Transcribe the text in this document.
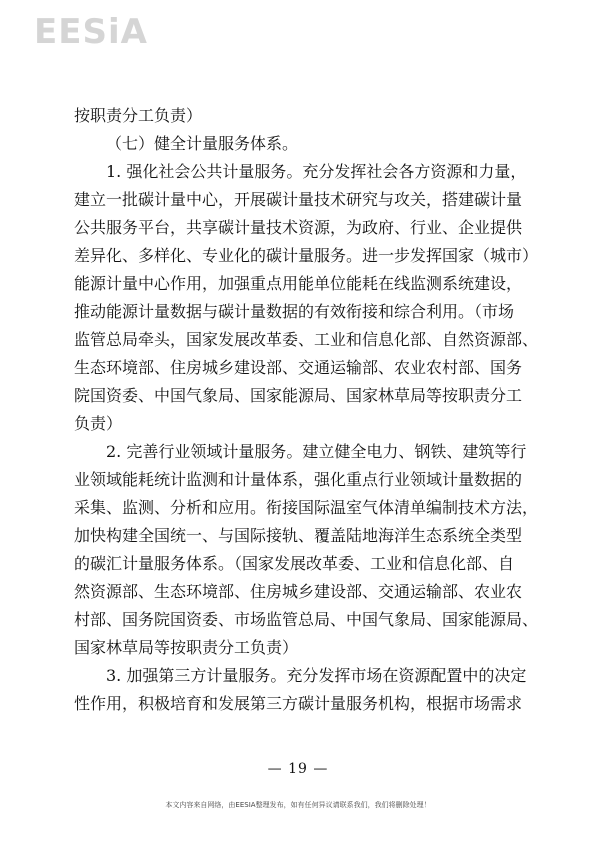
EESiA
按职责分工负责）
（七）健全计量服务体系。
1. 强化社会公共计量服务。充分发挥社会各方资源和力量，
建立一批碳计量中心，开展碳计量技术研究与攻关，搭建碳计量
公共服务平台，共享碳计量技术资源，为政府、行业、企业提供
差异化、多样化、专业化的碳计量服务。进一步发挥国家（城市）
能源计量中心作用，加强重点用能单位能耗在线监测系统建设，
推动能源计量数据与碳计量数据的有效衔接和综合利用。（市场
监管总局牵头，国家发展改革委、工业和信息化部、自然资源部、
生态环境部、住房城乡建设部、交通运输部、农业农村部、国务
院国资委、中国气象局、国家能源局、国家林草局等按职责分工
负责）
2. 完善行业领域计量服务。建立健全电力、钢铁、建筑等行
业领域能耗统计监测和计量体系，强化重点行业领域计量数据的
采集、监测、分析和应用。衔接国际温室气体清单编制技术方法，
加快构建全国统一、与国际接轨、覆盖陆地海洋生态系统全类型
的碳汇计量服务体系。（国家发展改革委、工业和信息化部、自
然资源部、生态环境部、住房城乡建设部、交通运输部、农业农
村部、国务院国资委、市场监管总局、中国气象局、国家能源局、
国家林草局等按职责分工负责）
3. 加强第三方计量服务。充分发挥市场在资源配置中的决定
性作用，积极培育和发展第三方碳计量服务机构，根据市场需求
— 19 —
本文内容来自网络，由EESIA整理发布，如有任何异议请联系我们，我们将删除处理！
